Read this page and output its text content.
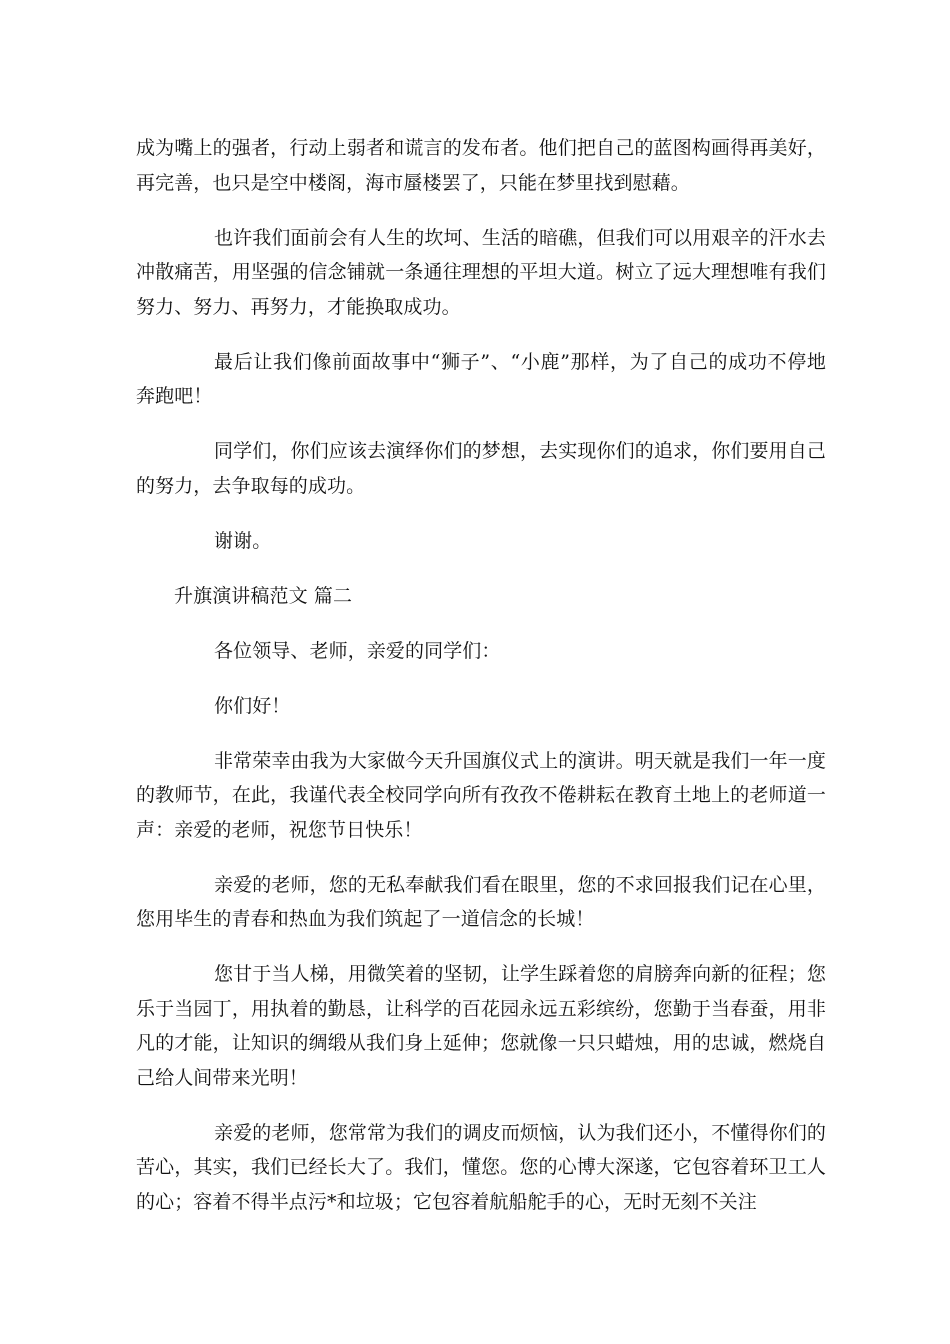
成为嘴上的强者，行动上弱者和谎言的发布者。他们把自己的蓝图构画得再美好，再完善，也只是空中楼阁，海市蜃楼罢了，只能在梦里找到慰藉。

也许我们面前会有人生的坎坷、生活的暗礁，但我们可以用艰辛的汗水去冲散痛苦，用坚强的信念铺就一条通往理想的平坦大道。树立了远大理想唯有我们努力、努力、再努力，才能换取成功。

最后让我们像前面故事中“狮子”、“小鹿”那样，为了自己的成功不停地奔跑吧！

同学们，你们应该去演绎你们的梦想，去实现你们的追求，你们要用自己的努力，去争取每的成功。

谢谢。

升旗演讲稿范文 篇二

各位领导、老师，亲爱的同学们：

你们好！

非常荣幸由我为大家做今天升国旗仪式上的演讲。明天就是我们一年一度的教师节，在此，我谨代表全校同学向所有孜孜不倦耕耘在教育土地上的老师道一声：亲爱的老师，祝您节日快乐！

亲爱的老师，您的无私奉献我们看在眼里，您的不求回报我们记在心里，您用毕生的青春和热血为我们筑起了一道信念的长城！

您甘于当人梯，用微笑着的坚韧，让学生踩着您的肩膀奔向新的征程；您乐于当园丁，用执着的勤恳，让科学的百花园永远五彩缤纷，您勤于当春蚕，用非凡的才能，让知识的绸缎从我们身上延伸；您就像一只只蜡烛，用的忠诚，燃烧自己给人间带来光明！

亲爱的老师，您常常为我们的调皮而烦恼，认为我们还小，不懂得你们的苦心，其实，我们已经长大了。我们，懂您。您的心博大深遂，它包容着环卫工人的心；容着不得半点污*和垃圾；它包容着航船舵手的心，无时无刻不关注
